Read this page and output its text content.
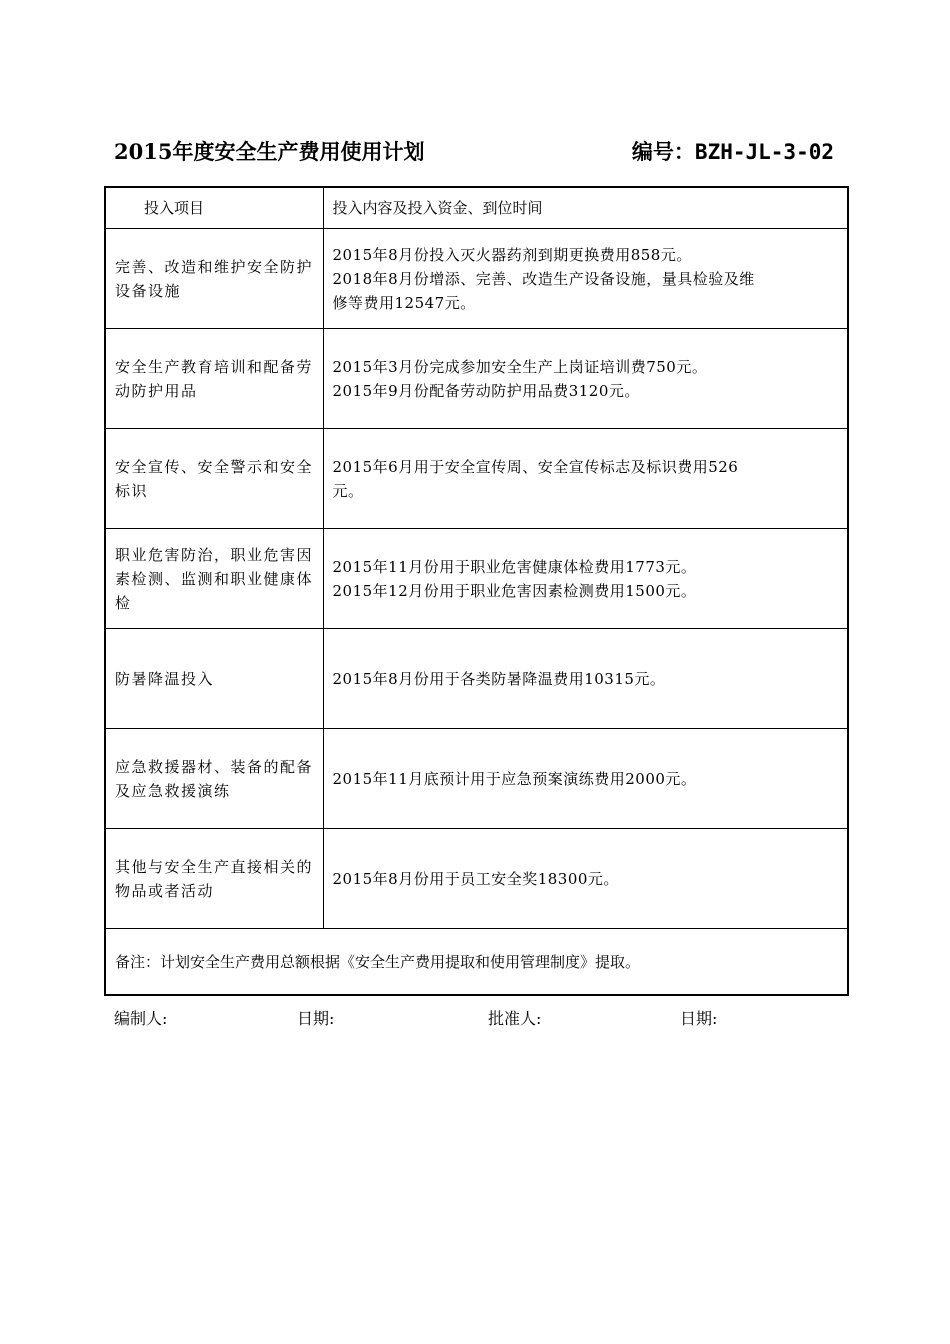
2015年度安全生产费用使用计划	编号：BZH-JL-3-02
投入项目	投入内容及投入资金、到位时间
完善、改造和维护安全防护设备设施	2015年8月份投入灭火器药剂到期更换费用858元。
2018年8月份增添、完善、改造生产设备设施，量具检验及维
修等费用12547元。

安全生产教育培训和配备劳动防护用品	2015年3月份完成参加安全生产上岗证培训费750元。
2015年9月份配备劳动防护用品费3120元。

安全宣传、安全警示和安全标识	2015年6月用于安全宣传周、安全宣传标志及标识费用526
元。

职业危害防治，职业危害因素检测、监测和职业健康体检	2015年11月份用于职业危害健康体检费用1773元。
2015年12月份用于职业危害因素检测费用1500元。

防暑降温投入	2015年8月份用于各类防暑降温费用10315元。

应急救援器材、装备的配备及应急救援演练	2015年11月底预计用于应急预案演练费用2000元。

其他与安全生产直接相关的物品或者活动	2015年8月份用于员工安全奖18300元。

备注：计划安全生产费用总额根据《安全生产费用提取和使用管理制度》提取。	
编制人:	日期:	批准人:	日期:
